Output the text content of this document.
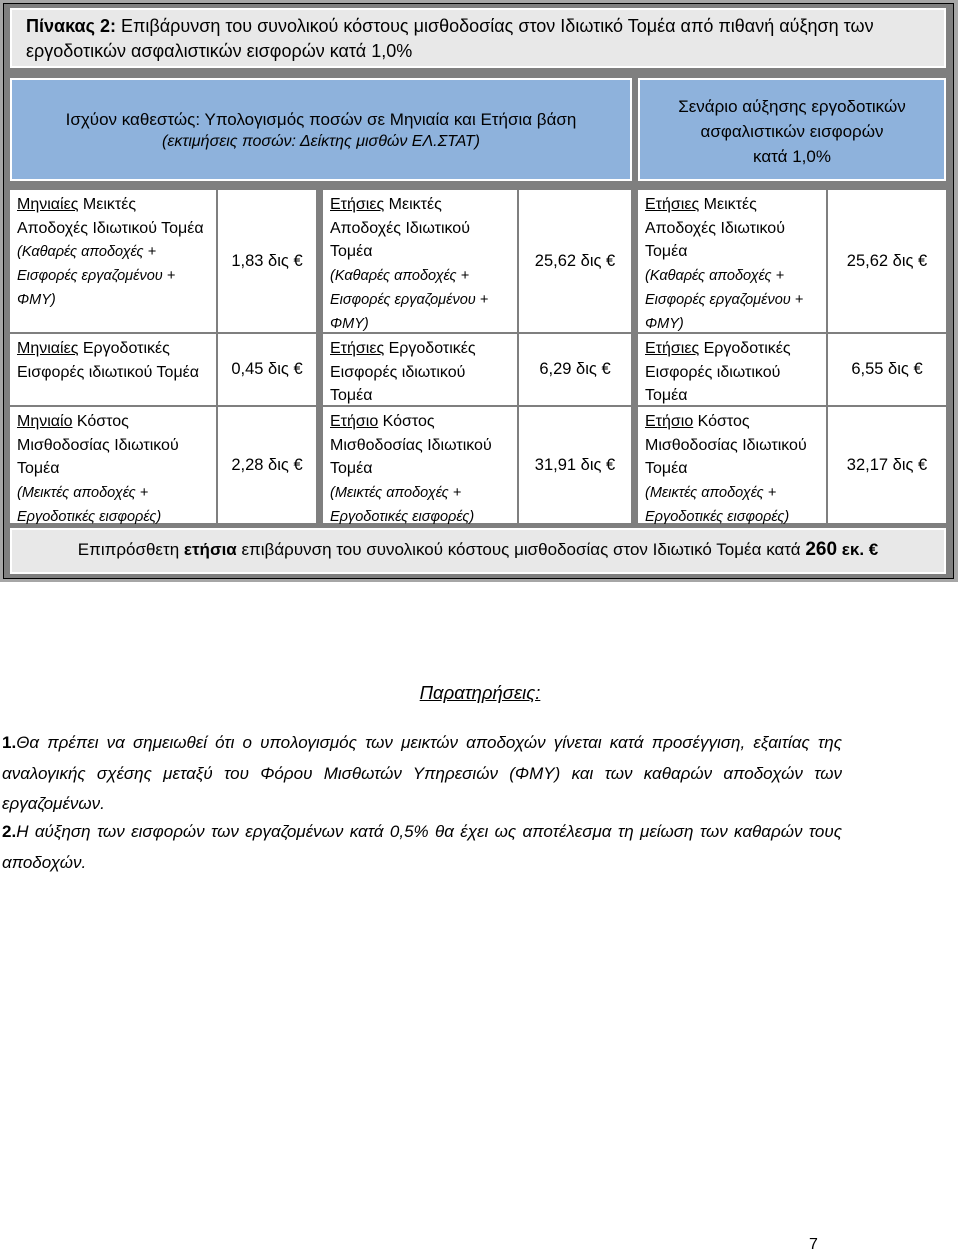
Πίνακας 2: Επιβάρυνση του συνολικού κόστους μισθοδοσίας στον Ιδιωτικό Τομέα από πιθανή αύξηση των εργοδοτικών ασφαλιστικών εισφορών κατά 1,0%
Ισχύον καθεστώς: Υπολογισμός ποσών σε Μηνιαία και Ετήσια βάση
(εκτιμήσεις ποσών: Δείκτης μισθών ΕΛ.ΣΤΑΤ)
Σενάριο αύξησης εργοδοτικών
ασφαλιστικών εισφορών
κατά 1,0%
Μηνιαίες Μεικτές Αποδοχές Ιδιωτικού Τομέα
(Καθαρές αποδοχές + Εισφορές εργαζομένου + ΦΜΥ)
1,83 δις €
Μηνιαίες Εργοδοτικές Εισφορές ιδιωτικού Τομέα	0,45 δις €
Μηνιαίο Κόστος Μισθοδοσίας Ιδιωτικού Τομέα
(Μεικτές αποδοχές + Εργοδοτικές εισφορές)
2,28 δις €
Ετήσιες Μεικτές Αποδοχές Ιδιωτικού Τομέα
(Καθαρές αποδοχές + Εισφορές εργαζομένου + ΦΜΥ)
25,62 δις €
Ετήσιες Εργοδοτικές Εισφορές ιδιωτικού Τομέα
6,29 δις €
Ετήσιο Κόστος Μισθοδοσίας Ιδιωτικού Τομέα
(Μεικτές αποδοχές + Εργοδοτικές εισφορές)
31,91 δις €
Ετήσιες Μεικτές Αποδοχές Ιδιωτικού Τομέα
(Καθαρές αποδοχές + Εισφορές εργαζομένου + ΦΜΥ)
25,62 δις €
Ετήσιες Εργοδοτικές Εισφορές ιδιωτικού Τομέα
6,55 δις €
Ετήσιο Κόστος Μισθοδοσίας Ιδιωτικού Τομέα
(Μεικτές αποδοχές + Εργοδοτικές εισφορές)
32,17 δις €
Επιπρόσθετη ετήσια επιβάρυνση του συνολικού κόστους μισθοδοσίας στον Ιδιωτικό Τομέα κατά 260 εκ. €
Παρατηρήσεις:
1.Θα πρέπει να σημειωθεί ότι ο υπολογισμός των μεικτών αποδοχών γίνεται κατά προσέγγιση, εξαιτίας της αναλογικής σχέσης μεταξύ του Φόρου Μισθωτών Υπηρεσιών (ΦΜΥ) και των καθαρών αποδοχών των εργαζομένων.
2.Η αύξηση των εισφορών των εργαζομένων κατά 0,5% θα έχει ως αποτέλεσμα τη μείωση των καθαρών τους αποδοχών.
7
